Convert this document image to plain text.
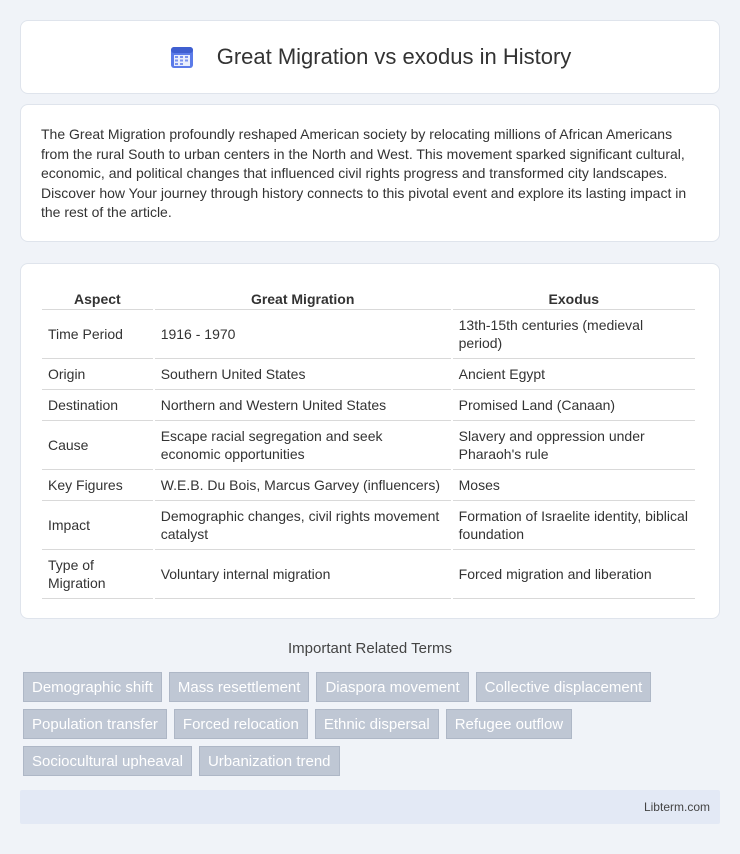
Great Migration vs exodus in History

The Great Migration profoundly reshaped American society by relocating millions of African Americans from the rural South to urban centers in the North and West. This movement sparked significant cultural, economic, and political changes that influenced civil rights progress and transformed city landscapes. Discover how Your journey through history connects to this pivotal event and explore its lasting impact in the rest of the article.

Aspect	Great Migration	Exodus
Time Period	1916 - 1970	13th-15th centuries (medieval period)
Origin	Southern United States	Ancient Egypt
Destination	Northern and Western United States	Promised Land (Canaan)
Cause	Escape racial segregation and seek economic opportunities	Slavery and oppression under Pharaoh's rule
Key Figures	W.E.B. Du Bois, Marcus Garvey (influencers)	Moses
Impact	Demographic changes, civil rights movement catalyst	Formation of Israelite identity, biblical foundation
Type of Migration	Voluntary internal migration	Forced migration and liberation
Important Related Terms
Demographic shift	Mass resettlement	Diaspora movement	Collective displacement
Population transfer	Forced relocation	Ethnic dispersal	Refugee outflow
Sociocultural upheaval	Urbanization trend
Libterm.com
